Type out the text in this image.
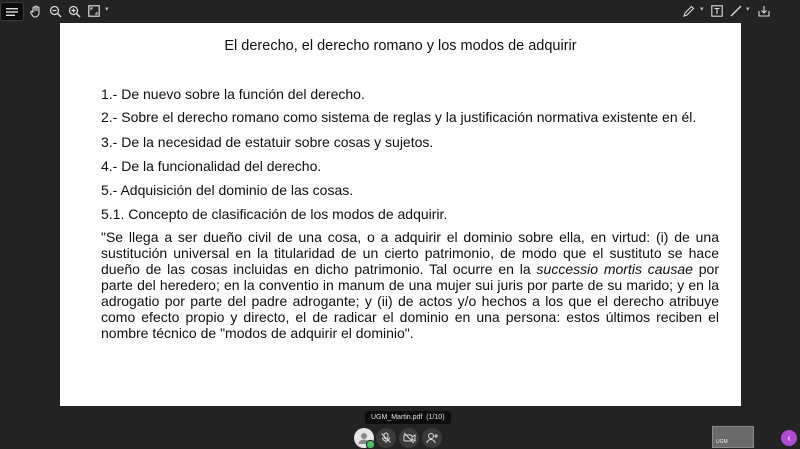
▾	▾	▾
El derecho, el derecho romano y los modos de adquirir
1.- De nuevo sobre la función del derecho.
2.- Sobre el derecho romano como sistema de reglas y la justificación normativa existente en él.
3.- De la necesidad de estatuir sobre cosas y sujetos.
4.- De la funcionalidad del derecho.
5.- Adquisición del dominio de las cosas.
5.1. Concepto de clasificación de los modos de adquirir.
"Se llega a ser dueño civil de una cosa, o a adquirir el dominio sobre ella, en virtud: (i) de una sustitución universal en la titularidad de un cierto patrimonio, de modo que el sustituto se hace dueño de las cosas incluidas en dicho patrimonio. Tal ocurre en la successio mortis causae por parte del heredero; en la conventio in manum de una mujer sui juris por parte de su marido; y en la adrogatio por parte del padre adrogante; y (ii) de actos y/o hechos a los que el derecho atribuye como efecto propio y directo, el de radicar el dominio en una persona: estos últimos reciben el nombre técnico de "modos de adquirir el dominio".
UGM_Martin.pdf (1/10)
UGM	‹
